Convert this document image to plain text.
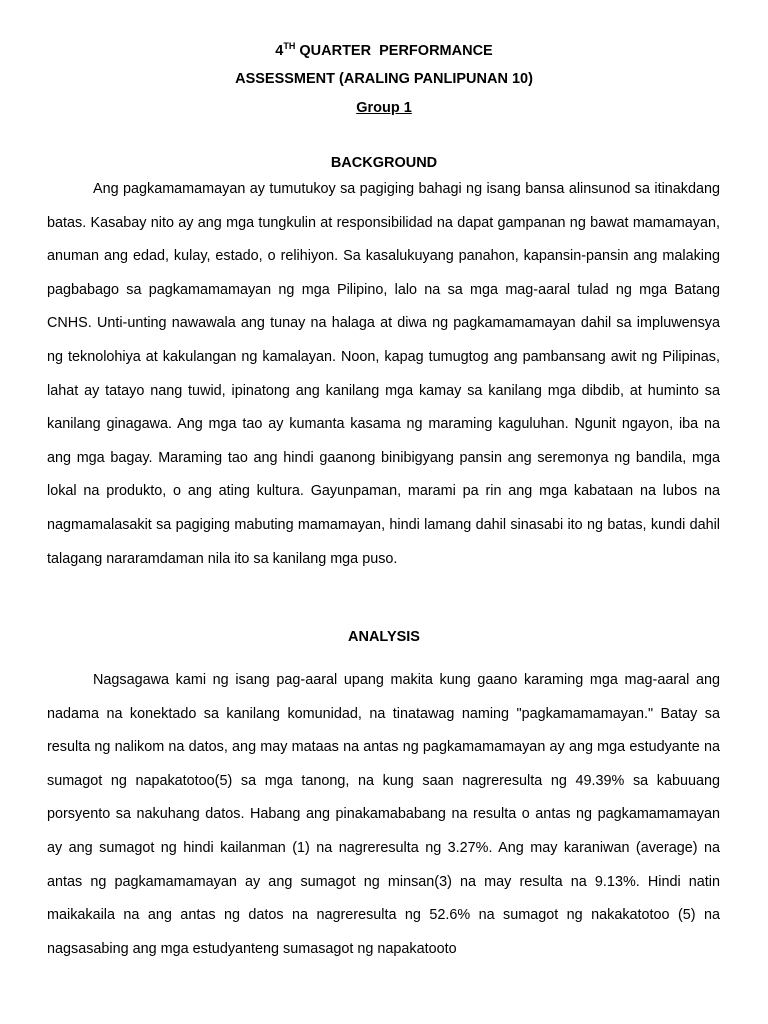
4TH QUARTER  PERFORMANCE
ASSESSMENT (ARALING PANLIPUNAN 10)
Group 1
BACKGROUND

Ang pagkamamamayan ay tumutukoy sa pagiging bahagi ng isang bansa alinsunod sa itinakdang batas. Kasabay nito ay ang mga tungkulin at responsibilidad na dapat gampanan ng bawat mamamayan, anuman ang edad, kulay, estado, o relihiyon. Sa kasalukuyang panahon, kapansin-pansin ang malaking pagbabago sa pagkamamamayan ng mga Pilipino, lalo na sa mga mag-aaral tulad ng mga Batang CNHS. Unti-unting nawawala ang tunay na halaga at diwa ng pagkamamamayan dahil sa impluwensya ng teknolohiya at kakulangan ng kamalayan. Noon, kapag tumugtog ang pambansang awit ng Pilipinas, lahat ay tatayo nang tuwid, ipinatong ang kanilang mga kamay sa kanilang mga dibdib, at huminto sa kanilang ginagawa. Ang mga tao ay kumanta kasama ng maraming kaguluhan. Ngunit ngayon, iba na ang mga bagay. Maraming tao ang hindi gaanong binibigyang pansin ang seremonya ng bandila, mga lokal na produkto, o ang ating kultura. Gayunpaman, marami pa rin ang mga kabataan na lubos na nagmamalasakit sa pagiging mabuting mamamayan, hindi lamang dahil sinasabi ito ng batas, kundi dahil talagang nararamdaman nila ito sa kanilang mga puso.

ANALYSIS

Nagsagawa kami ng isang pag-aaral upang makita kung gaano karaming mga mag-aaral ang nadama na konektado sa kanilang komunidad, na tinatawag naming "pagkamamamayan." Batay sa resulta ng nalikom na datos, ang may mataas na antas ng pagkamamamayan ay ang mga estudyante na sumagot ng napakatotoo(5) sa mga tanong, na kung saan nagreresulta ng 49.39% sa kabuuang porsyento sa nakuhang datos. Habang ang pinakamababang na resulta o antas ng pagkamamamayan ay ang sumagot ng hindi kailanman (1) na nagreresulta ng 3.27%. Ang may karaniwan (average) na antas ng pagkamamamayan ay ang sumagot ng minsan(3) na may resulta na 9.13%. Hindi natin maikakaila na ang antas ng datos na nagreresulta ng 52.6% na sumagot ng nakakatotoo (5) na nagsasabing ang mga estudyanteng sumasagot ng napakatooto
